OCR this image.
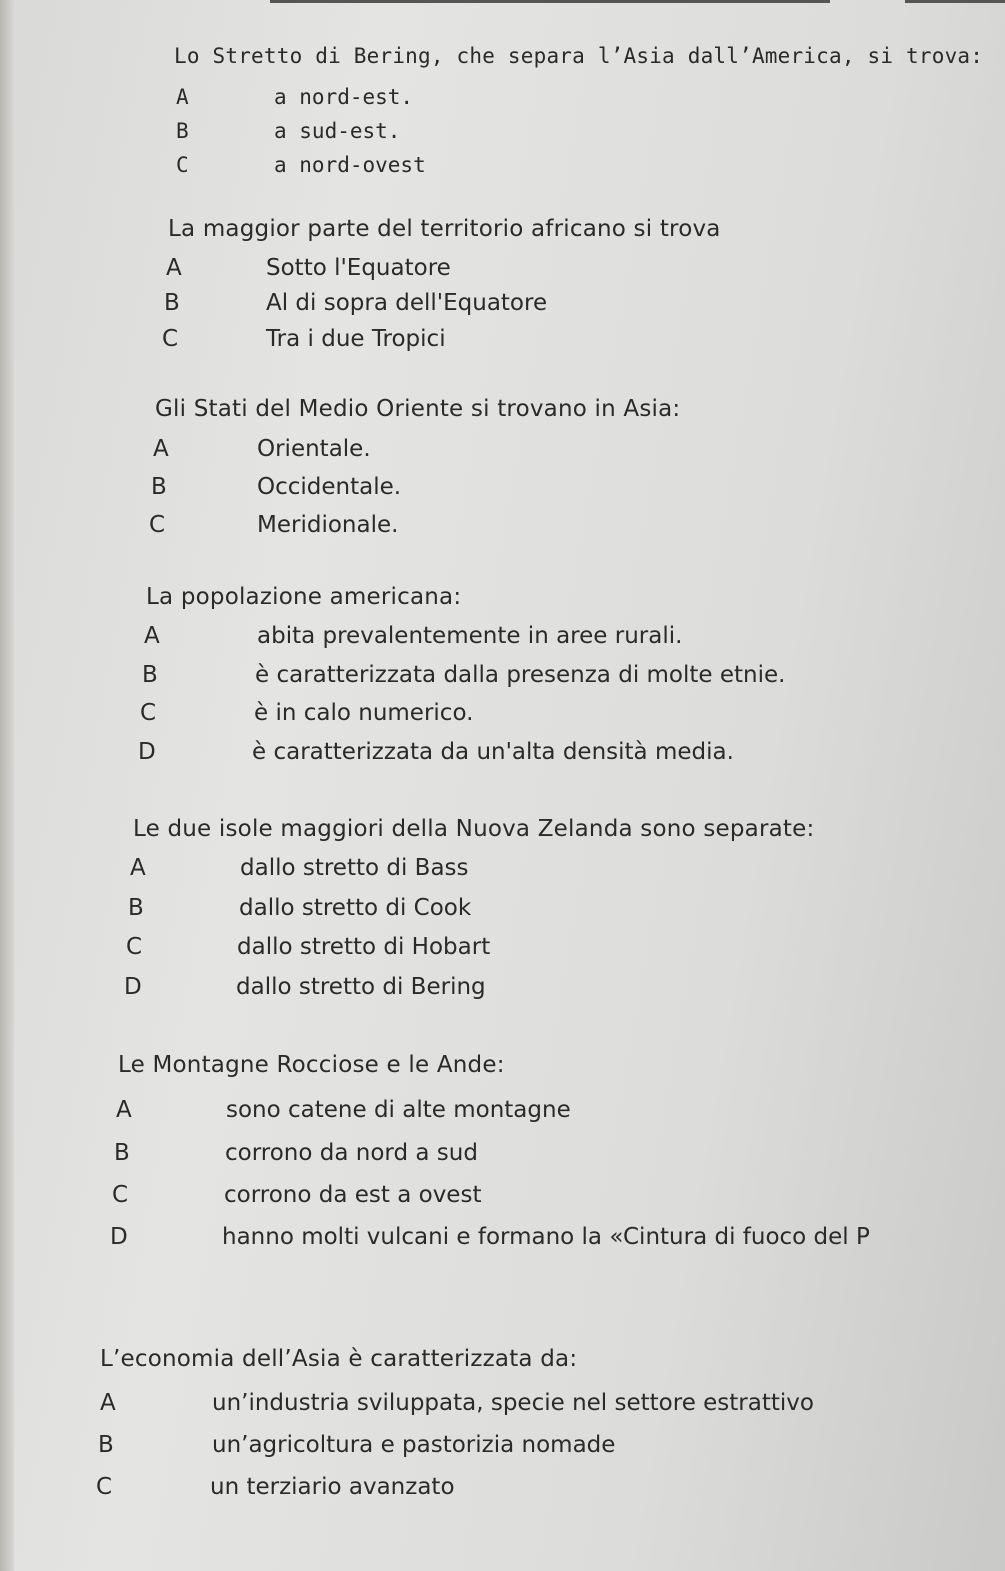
Lo Stretto di Bering, che separa l’Asia dall’America, si trova:
A	a nord-est.
B	a sud-est.
C	a nord-ovest
La maggior parte del territorio africano si trova
A	Sotto l'Equatore
B	Al di sopra dell'Equatore
C	Tra i due Tropici
Gli Stati del Medio Oriente si trovano in Asia:
A	Orientale.
B	Occidentale.
C	Meridionale.
La popolazione americana:
A	abita prevalentemente in aree rurali.
B	è caratterizzata dalla presenza di molte etnie.
C	è in calo numerico.
D	è caratterizzata da un'alta densità media.
Le due isole maggiori della Nuova Zelanda sono separate:
A	dallo stretto di Bass
B	dallo stretto di Cook
C	dallo stretto di Hobart
D	dallo stretto di Bering
Le Montagne Rocciose e le Ande:
A	sono catene di alte montagne
B	corrono da nord a sud
C	corrono da est a ovest
D	hanno molti vulcani e formano la «Cintura di fuoco del P
L’economia dell’Asia è caratterizzata da:
A	un’industria sviluppata, specie nel settore estrattivo
B	un’agricoltura e pastorizia nomade
C	un terziario avanzato
